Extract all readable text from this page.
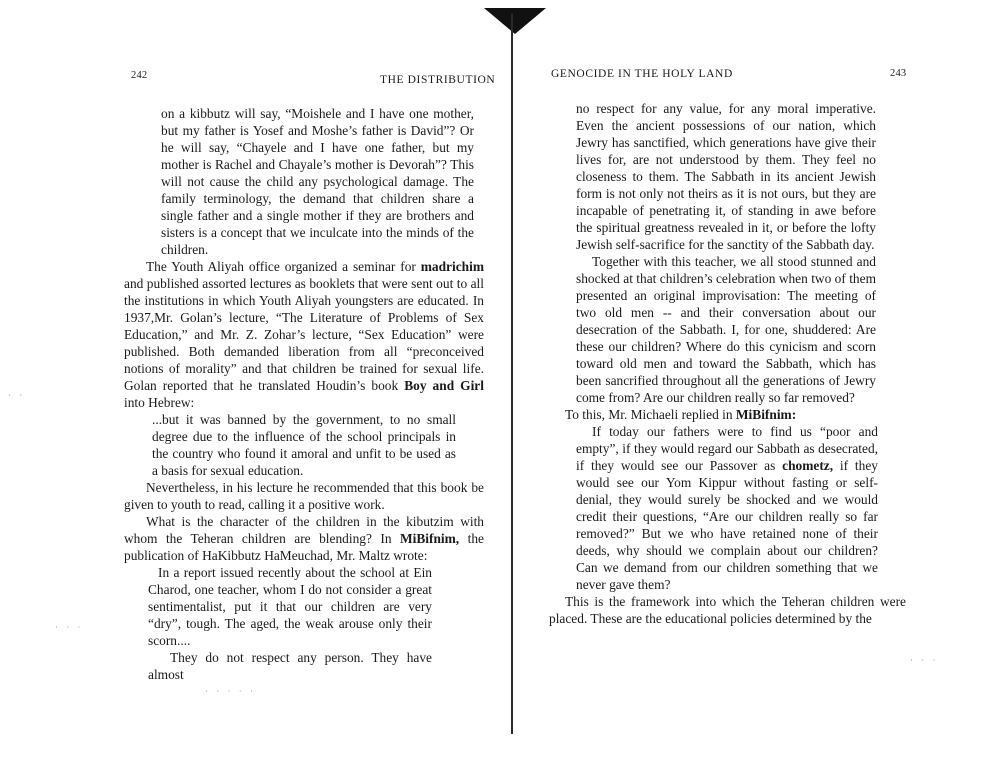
242	THE DISTRIBUTION

on a kibbutz will say, “Moishele and I have one mother, but my father is Yosef and Moshe’s father is David”? Or he will say, “Chayele and I have one father, but my mother is Rachel and Chayale’s mother is Devorah”? This will not cause the child any psychological damage. The family terminology, the demand that children share a single father and a single mother if they are brothers and sisters is a concept that we inculcate into the minds of the children.

The Youth Aliyah office organized a seminar for madrichim and published assorted lectures as booklets that were sent out to all the institutions in which Youth Aliyah youngsters are educated. In 1937,Mr. Golan’s lecture, “The Literature of Problems of Sex Education,” and Mr. Z. Zohar’s lecture, “Sex Education” were published. Both demanded liberation from all “preconceived notions of morality” and that children be trained for sexual life. Golan reported that he translated Houdin’s book Boy and Girl into Hebrew:

...but it was banned by the government, to no small degree due to the influence of the school principals in the country who found it amoral and unfit to be used as a basis for sexual education.

Nevertheless, in his lecture he recommended that this book be given to youth to read, calling it a positive work.

What is the character of the children in the kibutzim with whom the Teheran children are blending? In MiBifnim, the publication of HaKibbutz HaMeuchad, Mr. Maltz wrote:

In a report issued recently about the school at Ein Charod, one teacher, whom I do not consider a great sentimentalist, put it that our children are very “dry”, tough. The aged, the weak arouse only their scorn....

They do not respect any person. They have almost

GENOCIDE IN THE HOLY LAND	243

no respect for any value, for any moral imperative. Even the ancient possessions of our nation, which Jewry has sanctified, which generations have give their lives for, are not understood by them. They feel no closeness to them. The Sabbath in its ancient Jewish form is not only not theirs as it is not ours, but they are incapable of penetrating it, of standing in awe before the spiritual greatness revealed in it, or before the lofty Jewish self-sacrifice for the sanctity of the Sabbath day.

Together with this teacher, we all stood stunned and shocked at that children’s celebration when two of them presented an original improvisation: The meeting of two old men -- and their conversation about our desecration of the Sabbath. I, for one, shuddered: Are these our children? Where do this cynicism and scorn toward old men and toward the Sabbath, which has been sancrified throughout all the generations of Jewry come from? Are our children really so far removed?

To this, Mr. Michaeli replied in MiBifnim:

If today our fathers were to find us “poor and empty”, if they would regard our Sabbath as desecrated, if they would see our Passover as chometz, if they would see our Yom Kippur without fasting or self-denial, they would surely be shocked and we would credit their questions, “Are our children really so far removed?” But we who have retained none of their deeds, why should we complain about our children? Can we demand from our children something that we never gave them?

This is the framework into which the Teheran children were placed. These are the educational policies determined by the

· ·
· · ·
· · ·
· · · · ·
